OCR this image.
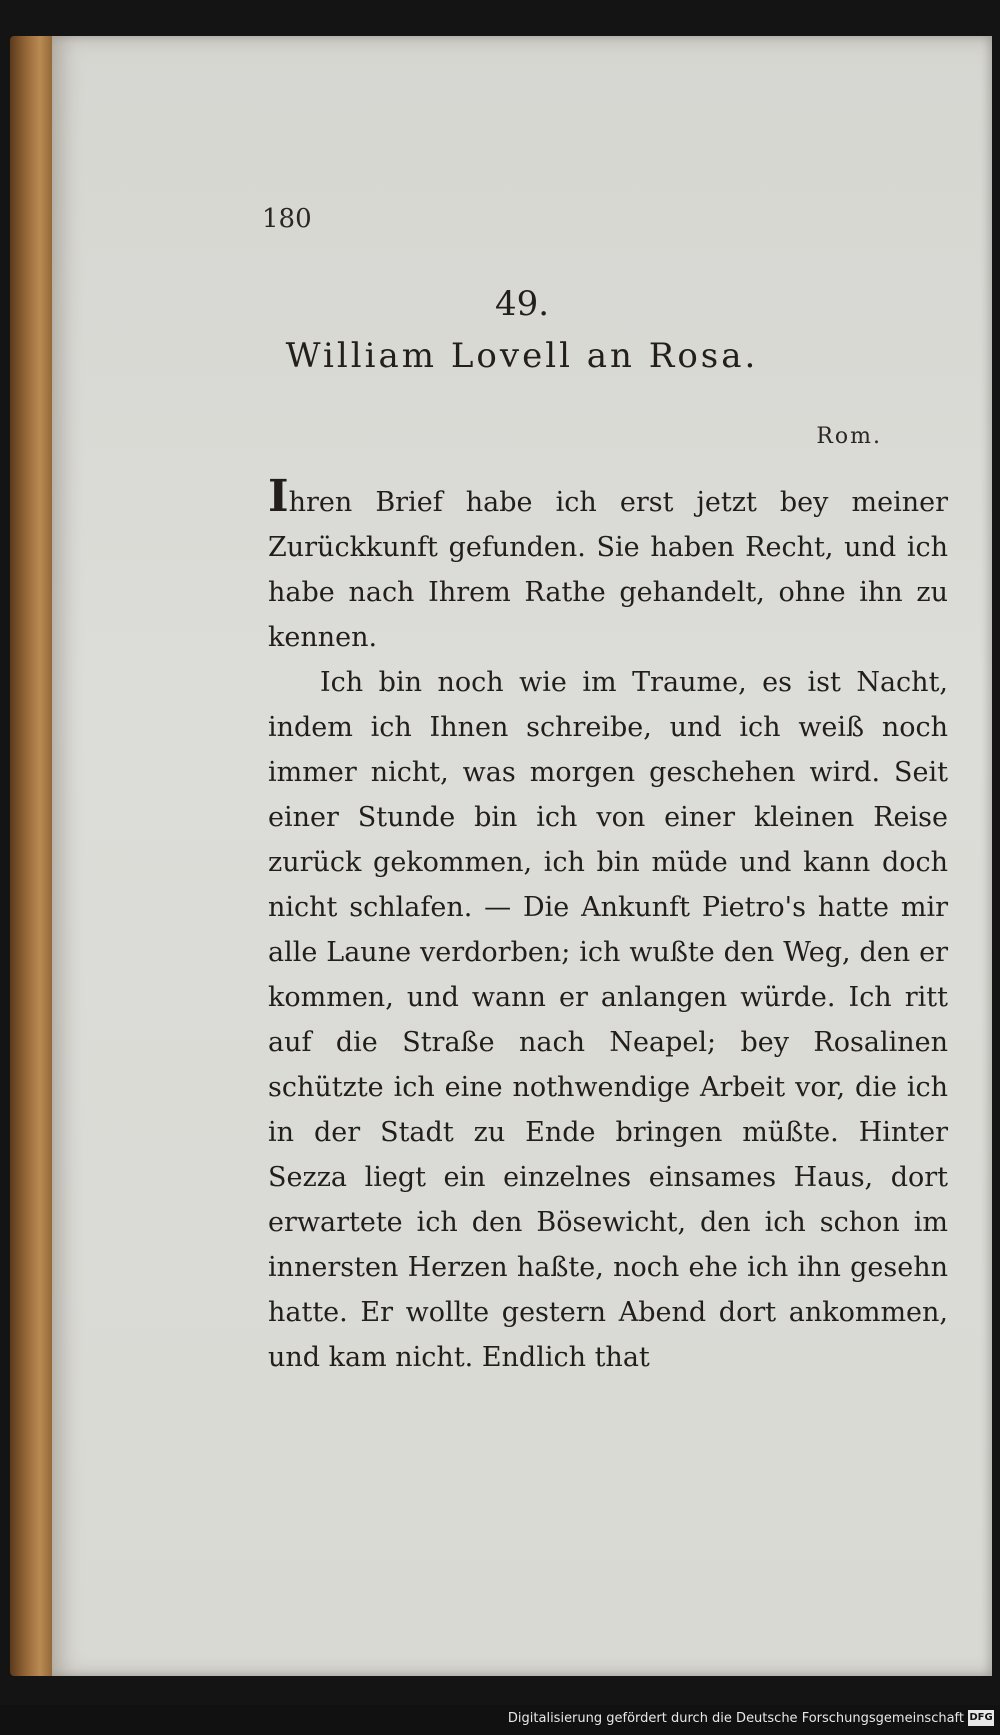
180

49.

William Lovell an Rosa.

Rom.

Ihren Brief habe ich erst jetzt bey meiner Zurückkunft gefunden. Sie haben Recht, und ich habe nach Ihrem Rathe gehandelt, ohne ihn zu kennen.

Ich bin noch wie im Traume, es ist Nacht, indem ich Ihnen schreibe, und ich weiß noch immer nicht, was morgen geschehen wird. Seit einer Stunde bin ich von einer kleinen Reise zurück gekommen, ich bin müde und kann doch nicht schlafen. — Die Ankunft Pietro's hatte mir alle Laune verdorben; ich wußte den Weg, den er kommen, und wann er anlangen würde. Ich ritt auf die Straße nach Neapel; bey Rosalinen schützte ich eine nothwendige Arbeit vor, die ich in der Stadt zu Ende bringen müßte. Hinter Sezza liegt ein einzelnes einsames Haus, dort erwartete ich den Bösewicht, den ich schon im innersten Herzen haßte, noch ehe ich ihn gesehn hatte. Er wollte gestern Abend dort ankommen, und kam nicht. Endlich that

Digitalisierung gefördert durch die Deutsche Forschungsgemeinschaft DFG
